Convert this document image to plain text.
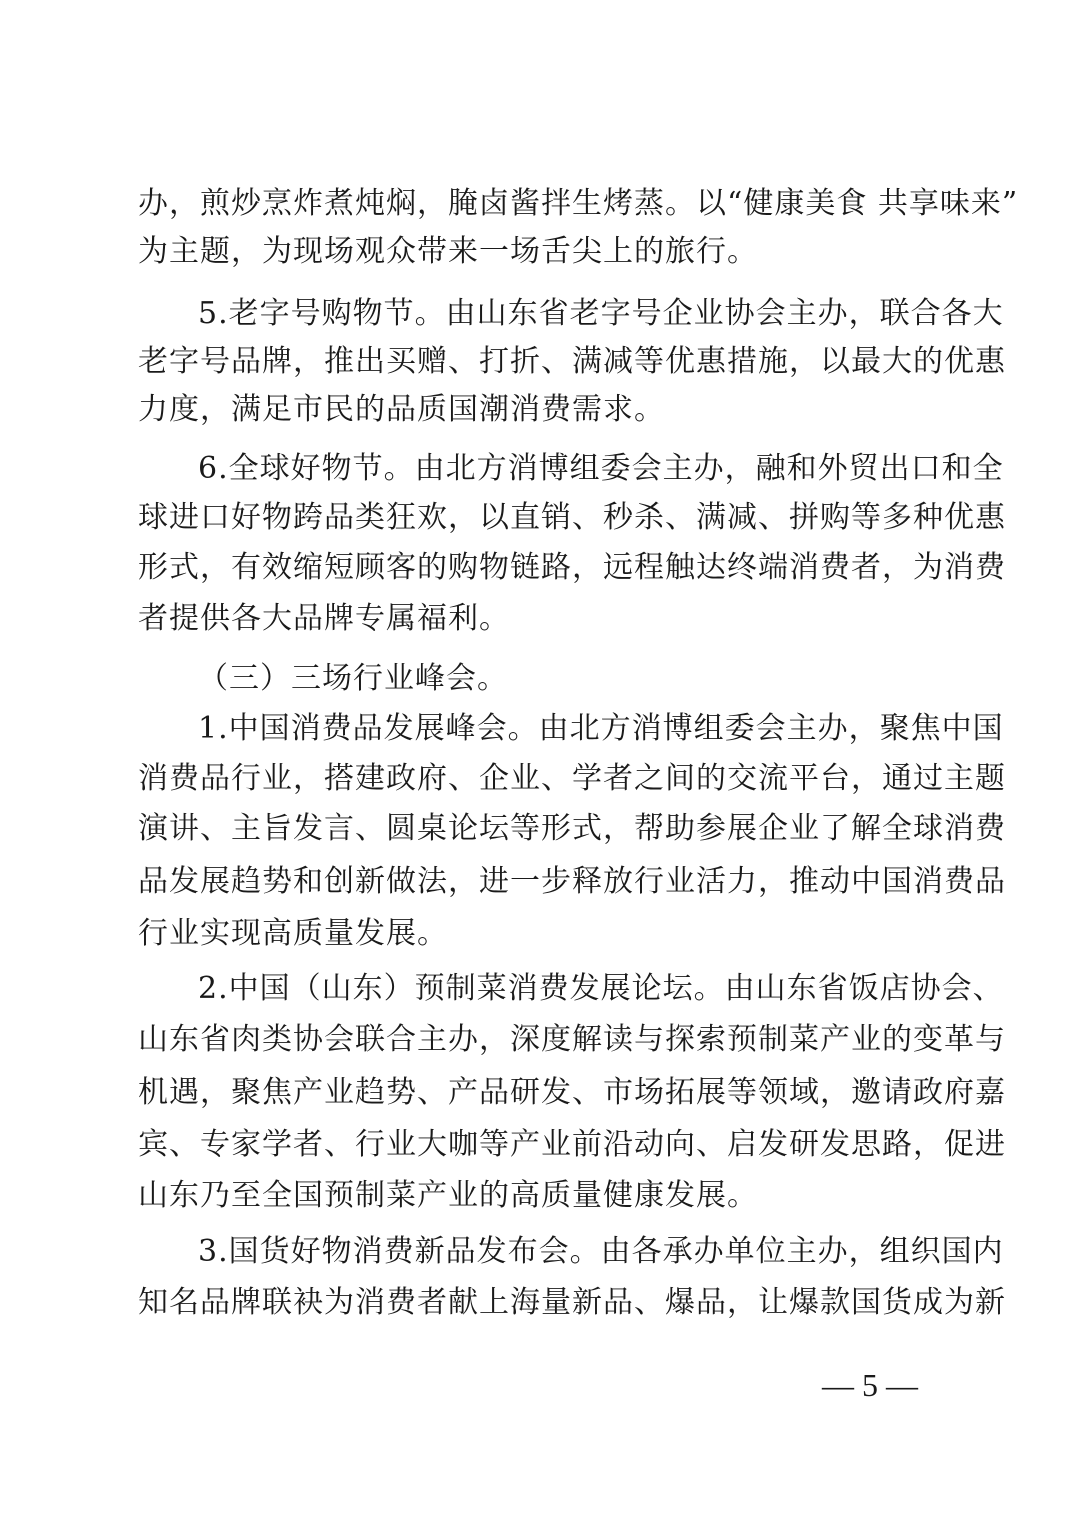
办，煎炒烹炸煮炖焖，腌卤酱拌生烤蒸。以“健康美食 共享味来”
为主题，为现场观众带来一场舌尖上的旅行。
5.老字号购物节。由山东省老字号企业协会主办，联合各大
老字号品牌，推出买赠、打折、满减等优惠措施，以最大的优惠
力度，满足市民的品质国潮消费需求。
6.全球好物节。由北方消博组委会主办，融和外贸出口和全
球进口好物跨品类狂欢，以直销、秒杀、满减、拼购等多种优惠
形式，有效缩短顾客的购物链路，远程触达终端消费者，为消费
者提供各大品牌专属福利。
（三）三场行业峰会。
1.中国消费品发展峰会。由北方消博组委会主办，聚焦中国
消费品行业，搭建政府、企业、学者之间的交流平台，通过主题
演讲、主旨发言、圆桌论坛等形式，帮助参展企业了解全球消费
品发展趋势和创新做法，进一步释放行业活力，推动中国消费品
行业实现高质量发展。
2.中国（山东）预制菜消费发展论坛。由山东省饭店协会、
山东省肉类协会联合主办，深度解读与探索预制菜产业的变革与
机遇，聚焦产业趋势、产品研发、市场拓展等领域，邀请政府嘉
宾、专家学者、行业大咖等产业前沿动向、启发研发思路，促进
山东乃至全国预制菜产业的高质量健康发展。
3.国货好物消费新品发布会。由各承办单位主办，组织国内
知名品牌联袂为消费者献上海量新品、爆品，让爆款国货成为新
— 5 —
